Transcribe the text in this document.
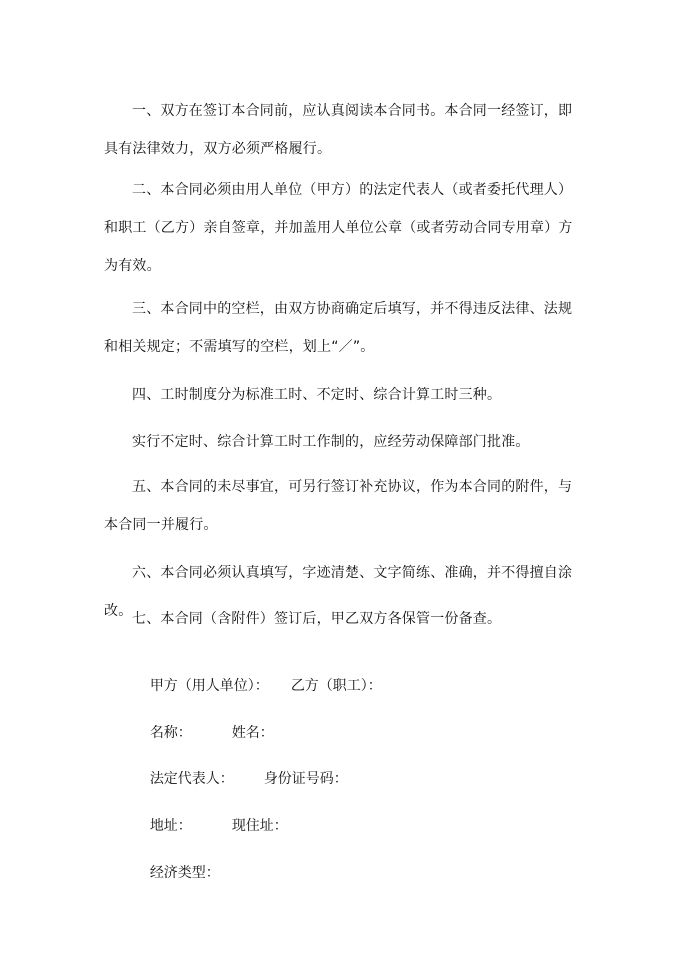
一、双方在签订本合同前，应认真阅读本合同书。本合同一经签订，即具有法律效力，双方必须严格履行。

二、本合同必须由用人单位（甲方）的法定代表人（或者委托代理人）和职工（乙方）亲自签章，并加盖用人单位公章（或者劳动合同专用章）方为有效。

三、本合同中的空栏，由双方协商确定后填写，并不得违反法律、法规和相关规定；不需填写的空栏，划上“／”。

四、工时制度分为标准工时、不定时、综合计算工时三种。

实行不定时、综合计算工时工作制的，应经劳动保障部门批准。

五、本合同的未尽事宜，可另行签订补充协议，作为本合同的附件，与本合同一并履行。

六、本合同必须认真填写，字迹清楚、文字简练、准确，并不得擅自涂改。 七、本合同（含附件）签订后，甲乙双方各保管一份备查。

甲方（用人单位）： 乙方（职工）：

名称：	姓名：

法定代表人： 身份证号码：

地址：	现住址：

经济类型：
